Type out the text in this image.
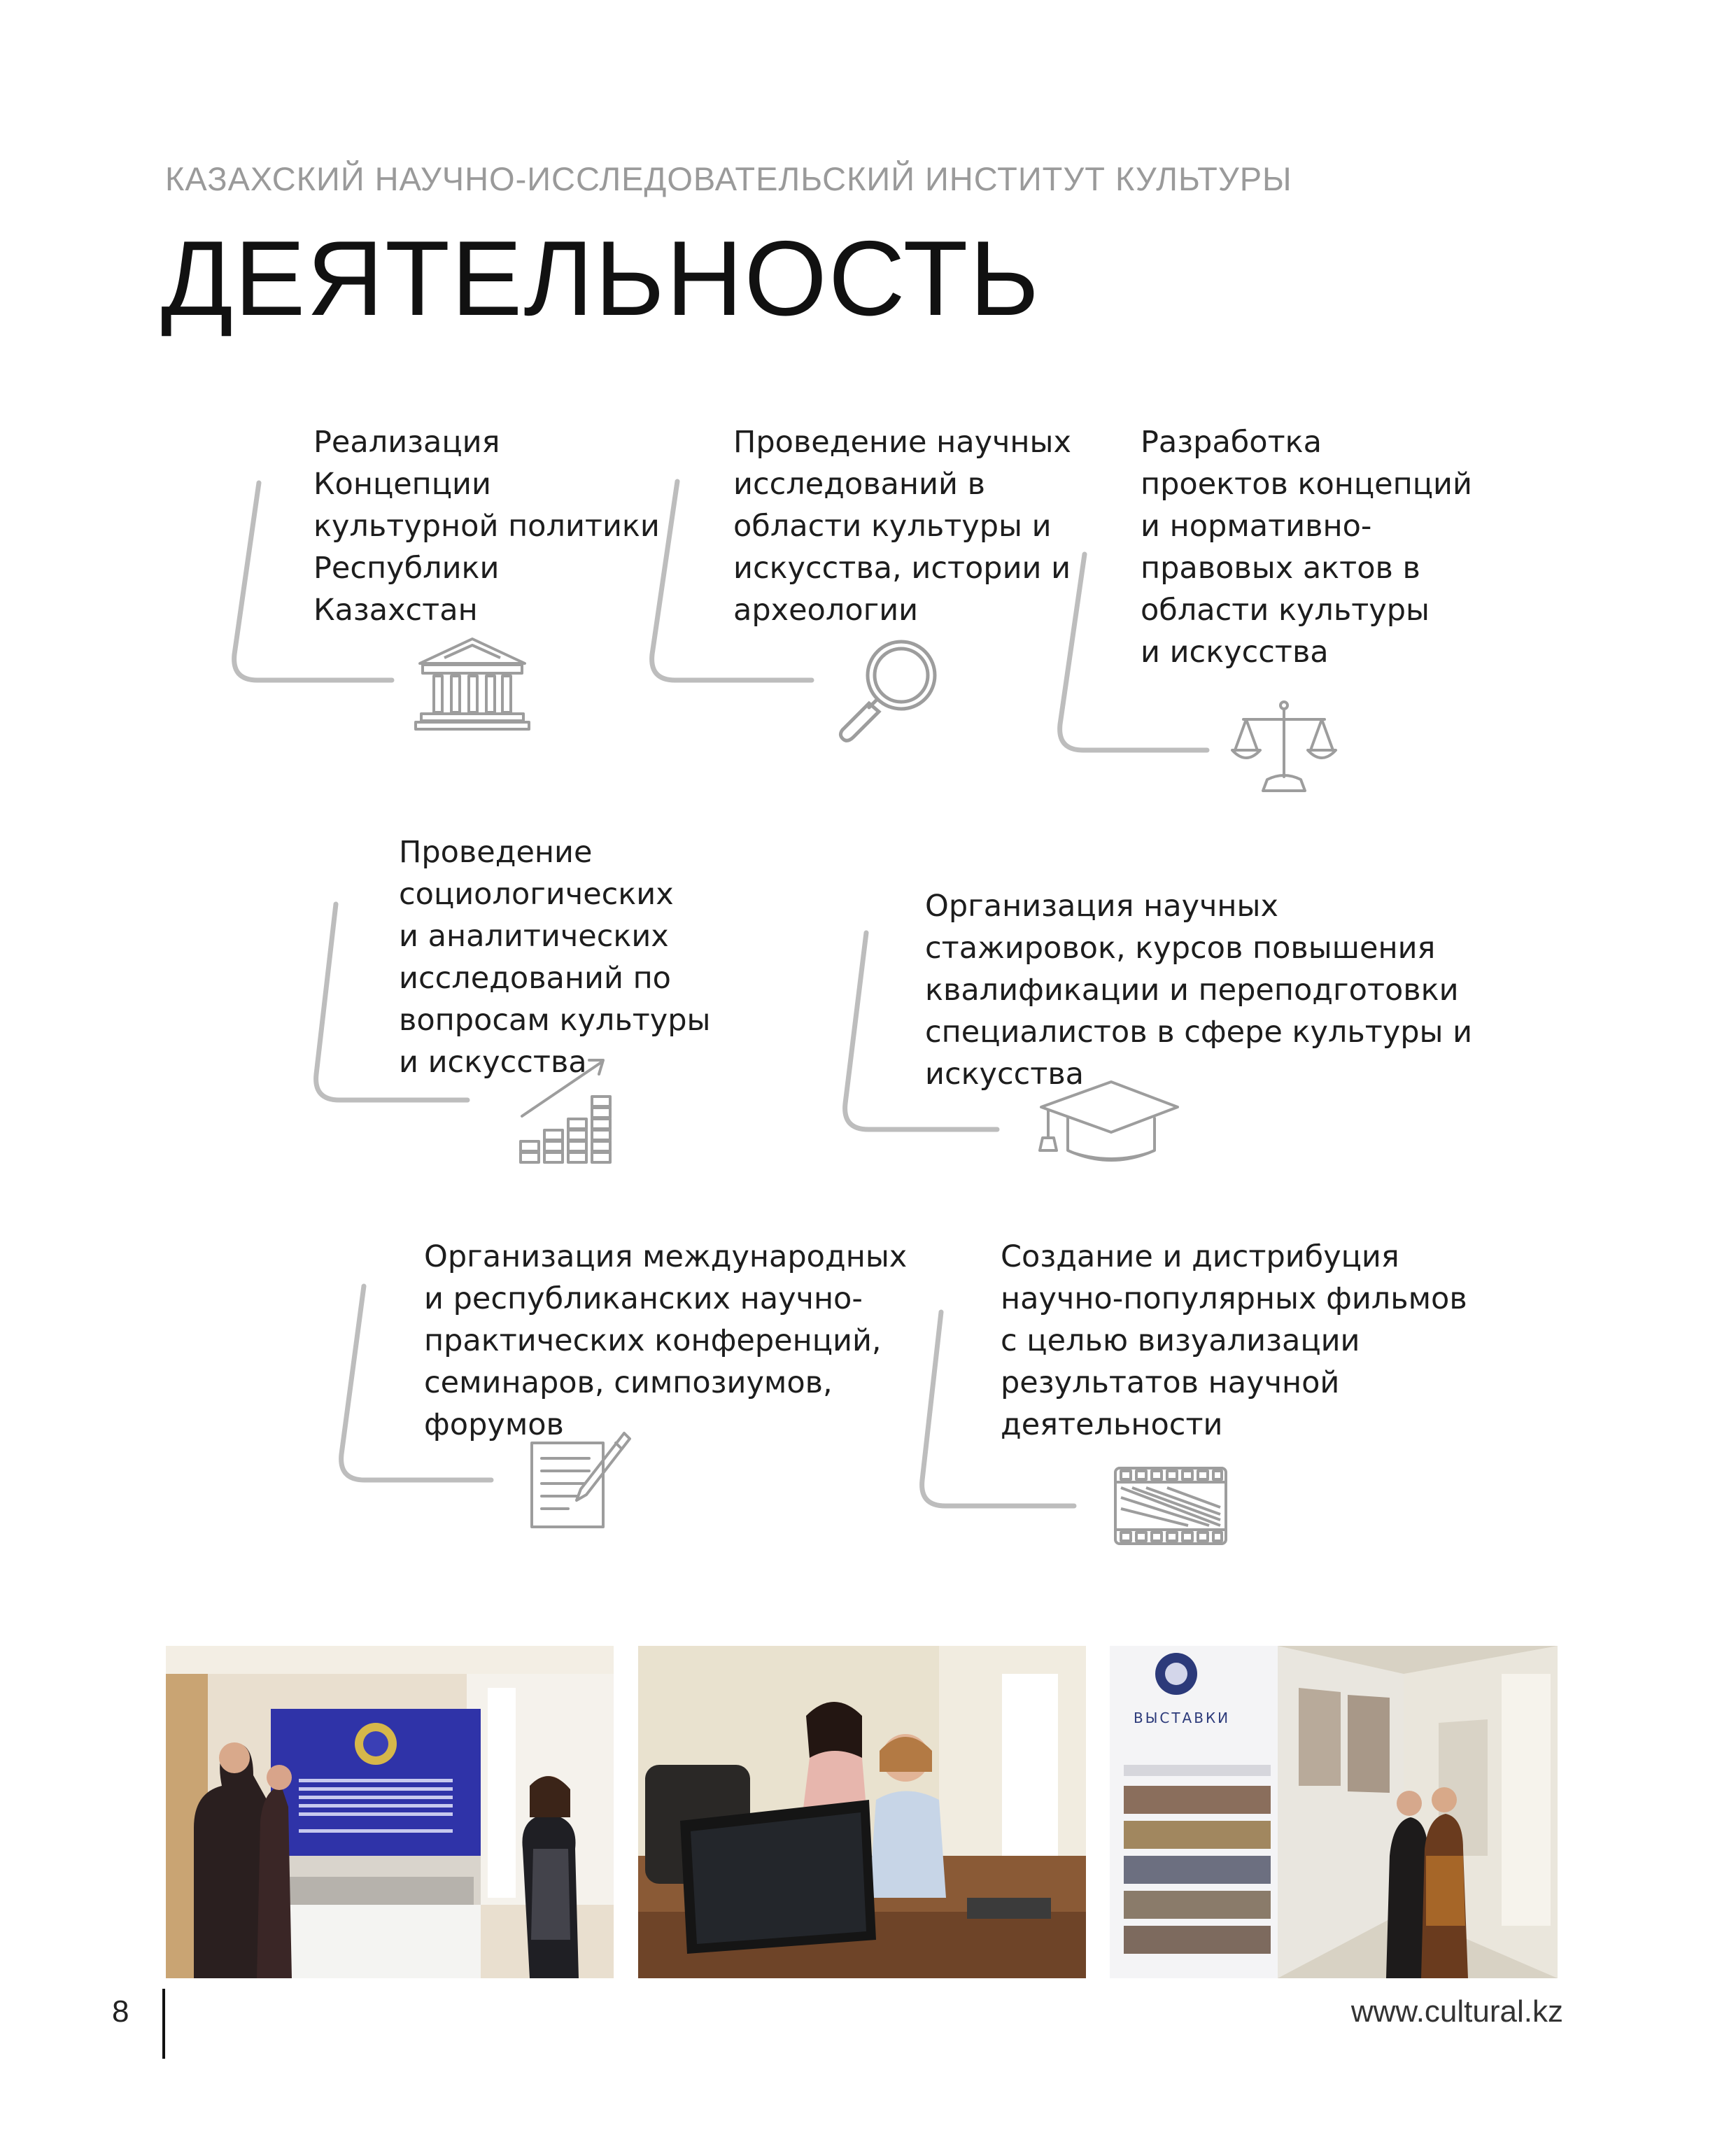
КАЗАХСКИЙ НАУЧНО-ИССЛЕДОВАТЕЛЬСКИЙ ИНСТИТУТ КУЛЬТУРЫ
ДЕЯТЕЛЬНОСТЬ
Реализация
Концепции
культурной политики
Республики
Казахстан
Проведение научных
исследований в
области культуры и
искусства, истории и
археологии
Разработка
проектов концепций
и нормативно-
правовых актов в
области культуры
и искусства
Проведение
социологических
и аналитических
исследований по
вопросам культуры
и искусства
Организация научных
стажировок, курсов повышения
квалификации и переподготовки
специалистов в сфере культуры и
искусства
Организация международных
и республиканских научно-
практических конференций,
семинаров, симпозиумов,
форумов
Создание и дистрибуция
научно-популярных фильмов
с целью визуализации
результатов научной
деятельности
ВЫСТАВКИ
8	www.cultural.kz
